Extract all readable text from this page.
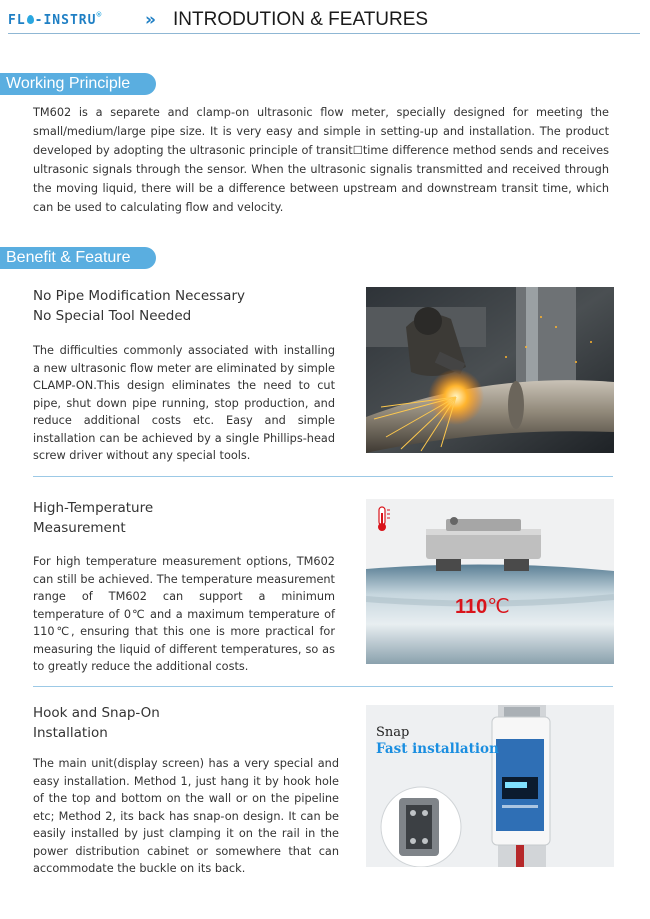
FL -INSTRU®	» INTRODUTION & FEATURES
Working Principle
TM602 is a separete and clamp-on ultrasonic flow meter, specially designed for meeting the small/medium/large pipe size. It is very easy and simple in setting-up and installation. The product developed by adopting the ultrasonic principle of transit☐time difference method sends and receives ultrasonic signals through the sensor. When the ultrasonic signalis transmitted and received through the moving liquid, there will be a difference between upstream and downstream transit time, which can be used to calculating flow and velocity.
Benefit & Feature
No Pipe Modification Necessary
No Special Tool Needed
The difficulties commonly associated with installing a new ultrasonic flow meter are eliminated by simple CLAMP-ON.This design eliminates the need to cut pipe, shut down pipe running, stop production, and reduce additional costs etc. Easy and simple installation can be achieved by a single Phillips-head screw driver without any special tools.
High-Temperature
Measurement
For high temperature measurement options, TM602 can still be achieved. The temperature measurement range of TM602 can support a minimum temperature of 0℃ and a maximum temperature of 110℃, ensuring that this one is more practical for measuring the liquid of different temperatures, so as to greatly reduce the additional costs.
110℃
Hook and Snap-On
Installation
The main unit(display screen) has a very special and easy installation. Method 1, just hang it by hook hole of the top and bottom on the wall or on the pipeline etc; Method 2, its back has snap-on design. It can be easily installed by just clamping it on the rail in the power distribution cabinet or somewhere that can accommodate the buckle on its back.
Snap
Fast installation
